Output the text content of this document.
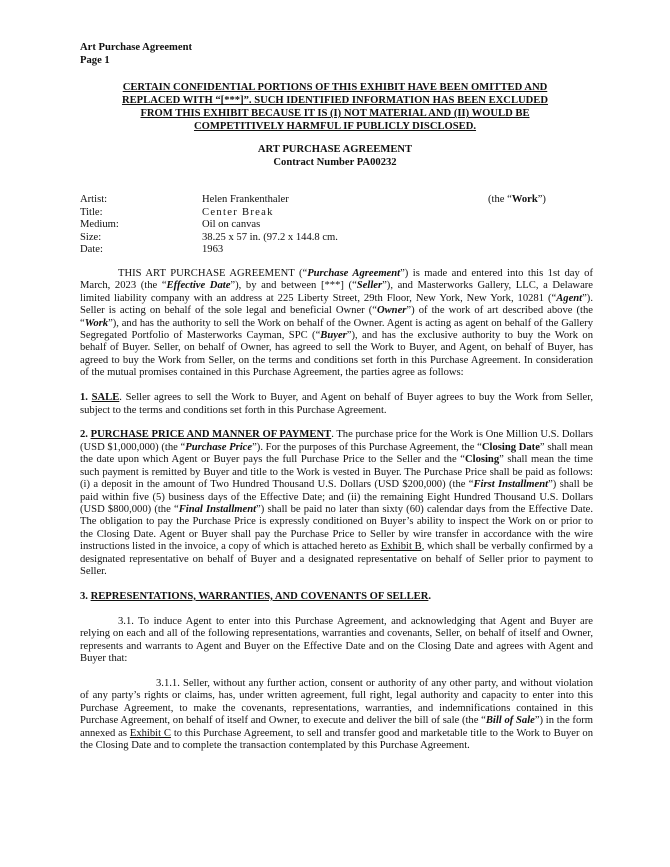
Art Purchase Agreement
Page 1
CERTAIN CONFIDENTIAL PORTIONS OF THIS EXHIBIT HAVE BEEN OMITTED AND REPLACED WITH “[***]”. SUCH IDENTIFIED INFORMATION HAS BEEN EXCLUDED FROM THIS EXHIBIT BECAUSE IT IS (I) NOT MATERIAL AND (II) WOULD BE COMPETITIVELY HARMFUL IF PUBLICLY DISCLOSED.
ART PURCHASE AGREEMENT
Contract Number PA00232
Artist:	Helen Frankenthaler	(the “Work”)
Title:	Center Break
Medium:	Oil on canvas
Size:	38.25 x 57 in. (97.2 x 144.8 cm.
Date:	1963

THIS ART PURCHASE AGREEMENT (“Purchase Agreement”) is made and entered into this 1st day of March, 2023 (the “Effective Date”), by and between [***] (“Seller”), and Masterworks Gallery, LLC, a Delaware limited liability company with an address at 225 Liberty Street, 29th Floor, New York, New York, 10281 (“Agent”). Seller is acting on behalf of the sole legal and beneficial Owner (“Owner”) of the work of art described above (the “Work”), and has the authority to sell the Work on behalf of the Owner. Agent is acting as agent on behalf of the Gallery Segregated Portfolio of Masterworks Cayman, SPC (“Buyer”), and has the exclusive authority to buy the Work on behalf of Buyer. Seller, on behalf of Owner, has agreed to sell the Work to Buyer, and Agent, on behalf of Buyer, has agreed to buy the Work from Seller, on the terms and conditions set forth in this Purchase Agreement. In consideration of the mutual promises contained in this Purchase Agreement, the parties agree as follows:

1. SALE. Seller agrees to sell the Work to Buyer, and Agent on behalf of Buyer agrees to buy the Work from Seller, subject to the terms and conditions set forth in this Purchase Agreement.

2. PURCHASE PRICE AND MANNER OF PAYMENT. The purchase price for the Work is One Million U.S. Dollars (USD $1,000,000) (the “Purchase Price”). For the purposes of this Purchase Agreement, the “Closing Date” shall mean the date upon which Agent or Buyer pays the full Purchase Price to the Seller and the “Closing” shall mean the time such payment is remitted by Buyer and title to the Work is vested in Buyer. The Purchase Price shall be paid as follows: (i) a deposit in the amount of Two Hundred Thousand U.S. Dollars (USD $200,000) (the “First Installment”) shall be paid within five (5) business days of the Effective Date; and (ii) the remaining Eight Hundred Thousand U.S. Dollars (USD $800,000) (the “Final Installment”) shall be paid no later than sixty (60) calendar days from the Effective Date. The obligation to pay the Purchase Price is expressly conditioned on Buyer’s ability to inspect the Work on or prior to the Closing Date. Agent or Buyer shall pay the Purchase Price to Seller by wire transfer in accordance with the wire instructions listed in the invoice, a copy of which is attached hereto as Exhibit B, which shall be verbally confirmed by a designated representative on behalf of Buyer and a designated representative on behalf of Seller prior to payment to Seller.

3. REPRESENTATIONS, WARRANTIES, AND COVENANTS OF SELLER.

3.1. To induce Agent to enter into this Purchase Agreement, and acknowledging that Agent and Buyer are relying on each and all of the following representations, warranties and covenants, Seller, on behalf of itself and Owner, represents and warrants to Agent and Buyer on the Effective Date and on the Closing Date and agrees with Agent and Buyer that:

3.1.1. Seller, without any further action, consent or authority of any other party, and without violation of any party’s rights or claims, has, under written agreement, full right, legal authority and capacity to enter into this Purchase Agreement, to make the covenants, representations, warranties, and indemnifications contained in this Purchase Agreement, on behalf of itself and Owner, to execute and deliver the bill of sale (the “Bill of Sale”) in the form annexed as Exhibit C to this Purchase Agreement, to sell and transfer good and marketable title to the Work to Buyer on the Closing Date and to complete the transaction contemplated by this Purchase Agreement.
